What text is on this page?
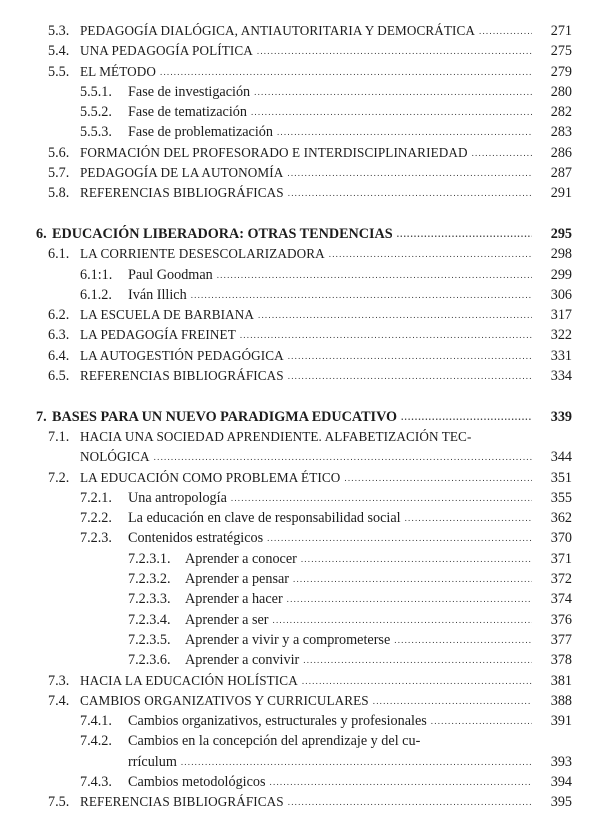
5.3. PEDAGOGÍA DIALÓGICA, ANTIAUTORITARIA Y DEMOCRÁTICA .....	271
5.4. UNA PEDAGOGÍA POLÍTICA .....	275
5.5. EL MÉTODO .....	279
5.5.1. Fase de investigación .....	280
5.5.2. Fase de tematización .....	282
5.5.3. Fase de problematización .....	283
5.6. FORMACIÓN DEL PROFESORADO E INTERDISCIPLINARIEDAD .....	286
5.7. PEDAGOGÍA DE LA AUTONOMÍA .....	287
5.8. REFERENCIAS BIBLIOGRÁFICAS .....	291
6. EDUCACIÓN LIBERADORA: OTRAS TENDENCIAS .....	295
6.1. LA CORRIENTE DESESCOLARIZADORA .....	298
6.1:1. Paul Goodman .....	299
6.1.2. Iván Illich .....	306
6.2. LA ESCUELA DE BARBIANA .....	317
6.3. LA PEDAGOGÍA FREINET .....	322
6.4. LA AUTOGESTIÓN PEDAGÓGICA .....	331
6.5. REFERENCIAS BIBLIOGRÁFICAS .....	334
7. BASES PARA UN NUEVO PARADIGMA EDUCATIVO .....	339
7.1. HACIA UNA SOCIEDAD APRENDIENTE. ALFABETIZACIÓN TEC-
NOLÓGICA .....	344
7.2. LA EDUCACIÓN COMO PROBLEMA ÉTICO .....	351
7.2.1. Una antropología .....	355
7.2.2. La educación en clave de responsabilidad social .....	362
7.2.3. Contenidos estratégicos .....	370
7.2.3.1. Aprender a conocer .....	371
7.2.3.2. Aprender a pensar .....	372
7.2.3.3. Aprender a hacer .....	374
7.2.3.4. Aprender a ser .....	376
7.2.3.5. Aprender a vivir y a comprometerse .....	377
7.2.3.6. Aprender a convivir .....	378
7.3. HACIA LA EDUCACIÓN HOLÍSTICA .....	381
7.4. CAMBIOS ORGANIZATIVOS Y CURRICULARES .....	388
7.4.1. Cambios organizativos, estructurales y profesionales .....	391
7.4.2. Cambios en la concepción del aprendizaje y del cu-
rrículum .....	393
7.4.3. Cambios metodológicos .....	394
7.5. REFERENCIAS BIBLIOGRÁFICAS .....	395
